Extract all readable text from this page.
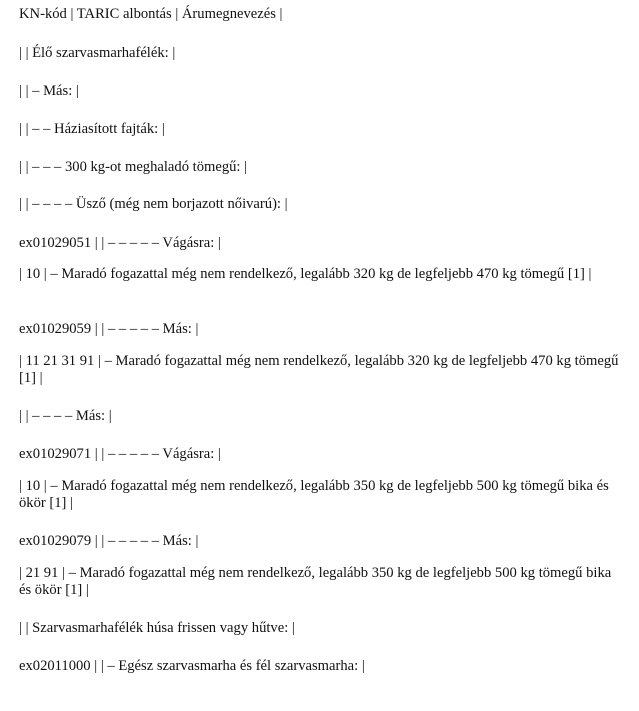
KN-kód | TARIC albontás | Árumegnevezés |
| | Élő szarvasmarhafélék: |
| | – Más: |
| | – – Háziasított fajták: |
| | – – – 300 kg-ot meghaladó tömegű: |
| | – – – – Üsző (még nem borjazott nőivarú): |
ex01029051 | | – – – – – Vágásra: |
| 10 | – Maradó fogazattal még nem rendelkező, legalább 320 kg de legfeljebb 470 kg tömegű [1] |
ex01029059 | | – – – – – Más: |
| 11 21 31 91 | – Maradó fogazattal még nem rendelkező, legalább 320 kg de legfeljebb 470 kg tömegű [1] |
| | – – – – Más: |
ex01029071 | | – – – – – Vágásra: |
| 10 | – Maradó fogazattal még nem rendelkező, legalább 350 kg de legfeljebb 500 kg tömegű bika és ökör [1] |
ex01029079 | | – – – – – Más: |
| 21 91 | – Maradó fogazattal még nem rendelkező, legalább 350 kg de legfeljebb 500 kg tömegű bika és ökör [1] |
| | Szarvasmarhafélék húsa frissen vagy hűtve: |
ex02011000 | | – Egész szarvasmarha és fél szarvasmarha: |
